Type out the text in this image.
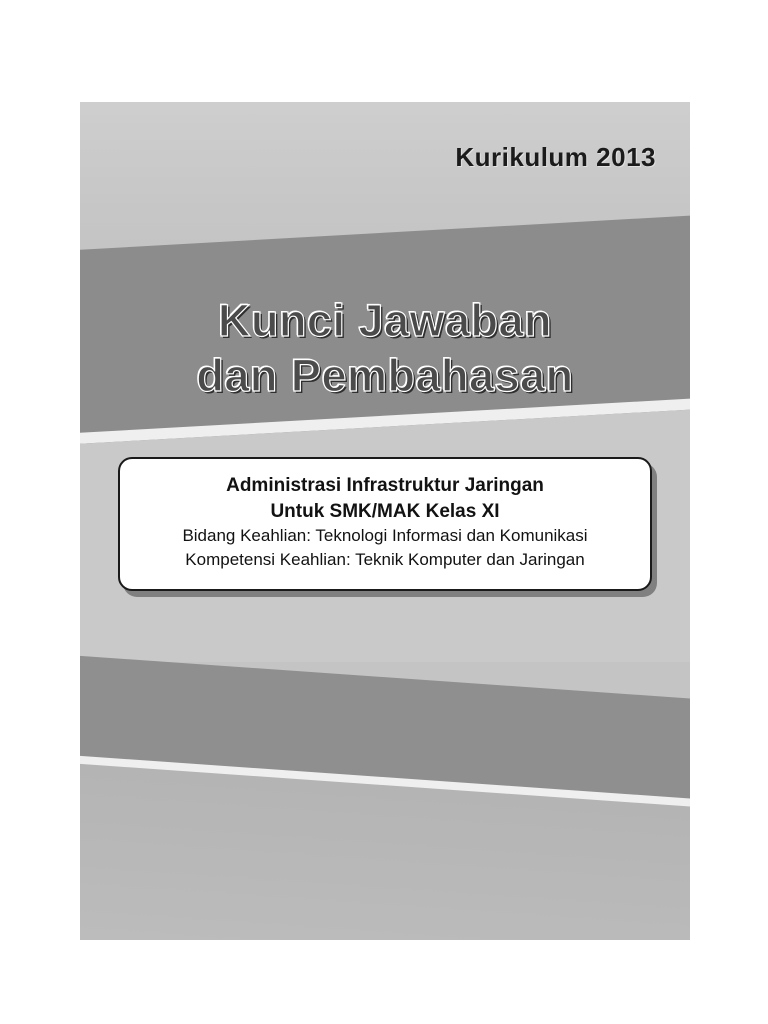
Kurikulum 2013
Kunci Jawaban
dan Pembahasan
Administrasi Infrastruktur Jaringan
Untuk SMK/MAK Kelas XI
Bidang Keahlian: Teknologi Informasi dan Komunikasi
Kompetensi Keahlian: Teknik Komputer dan Jaringan
